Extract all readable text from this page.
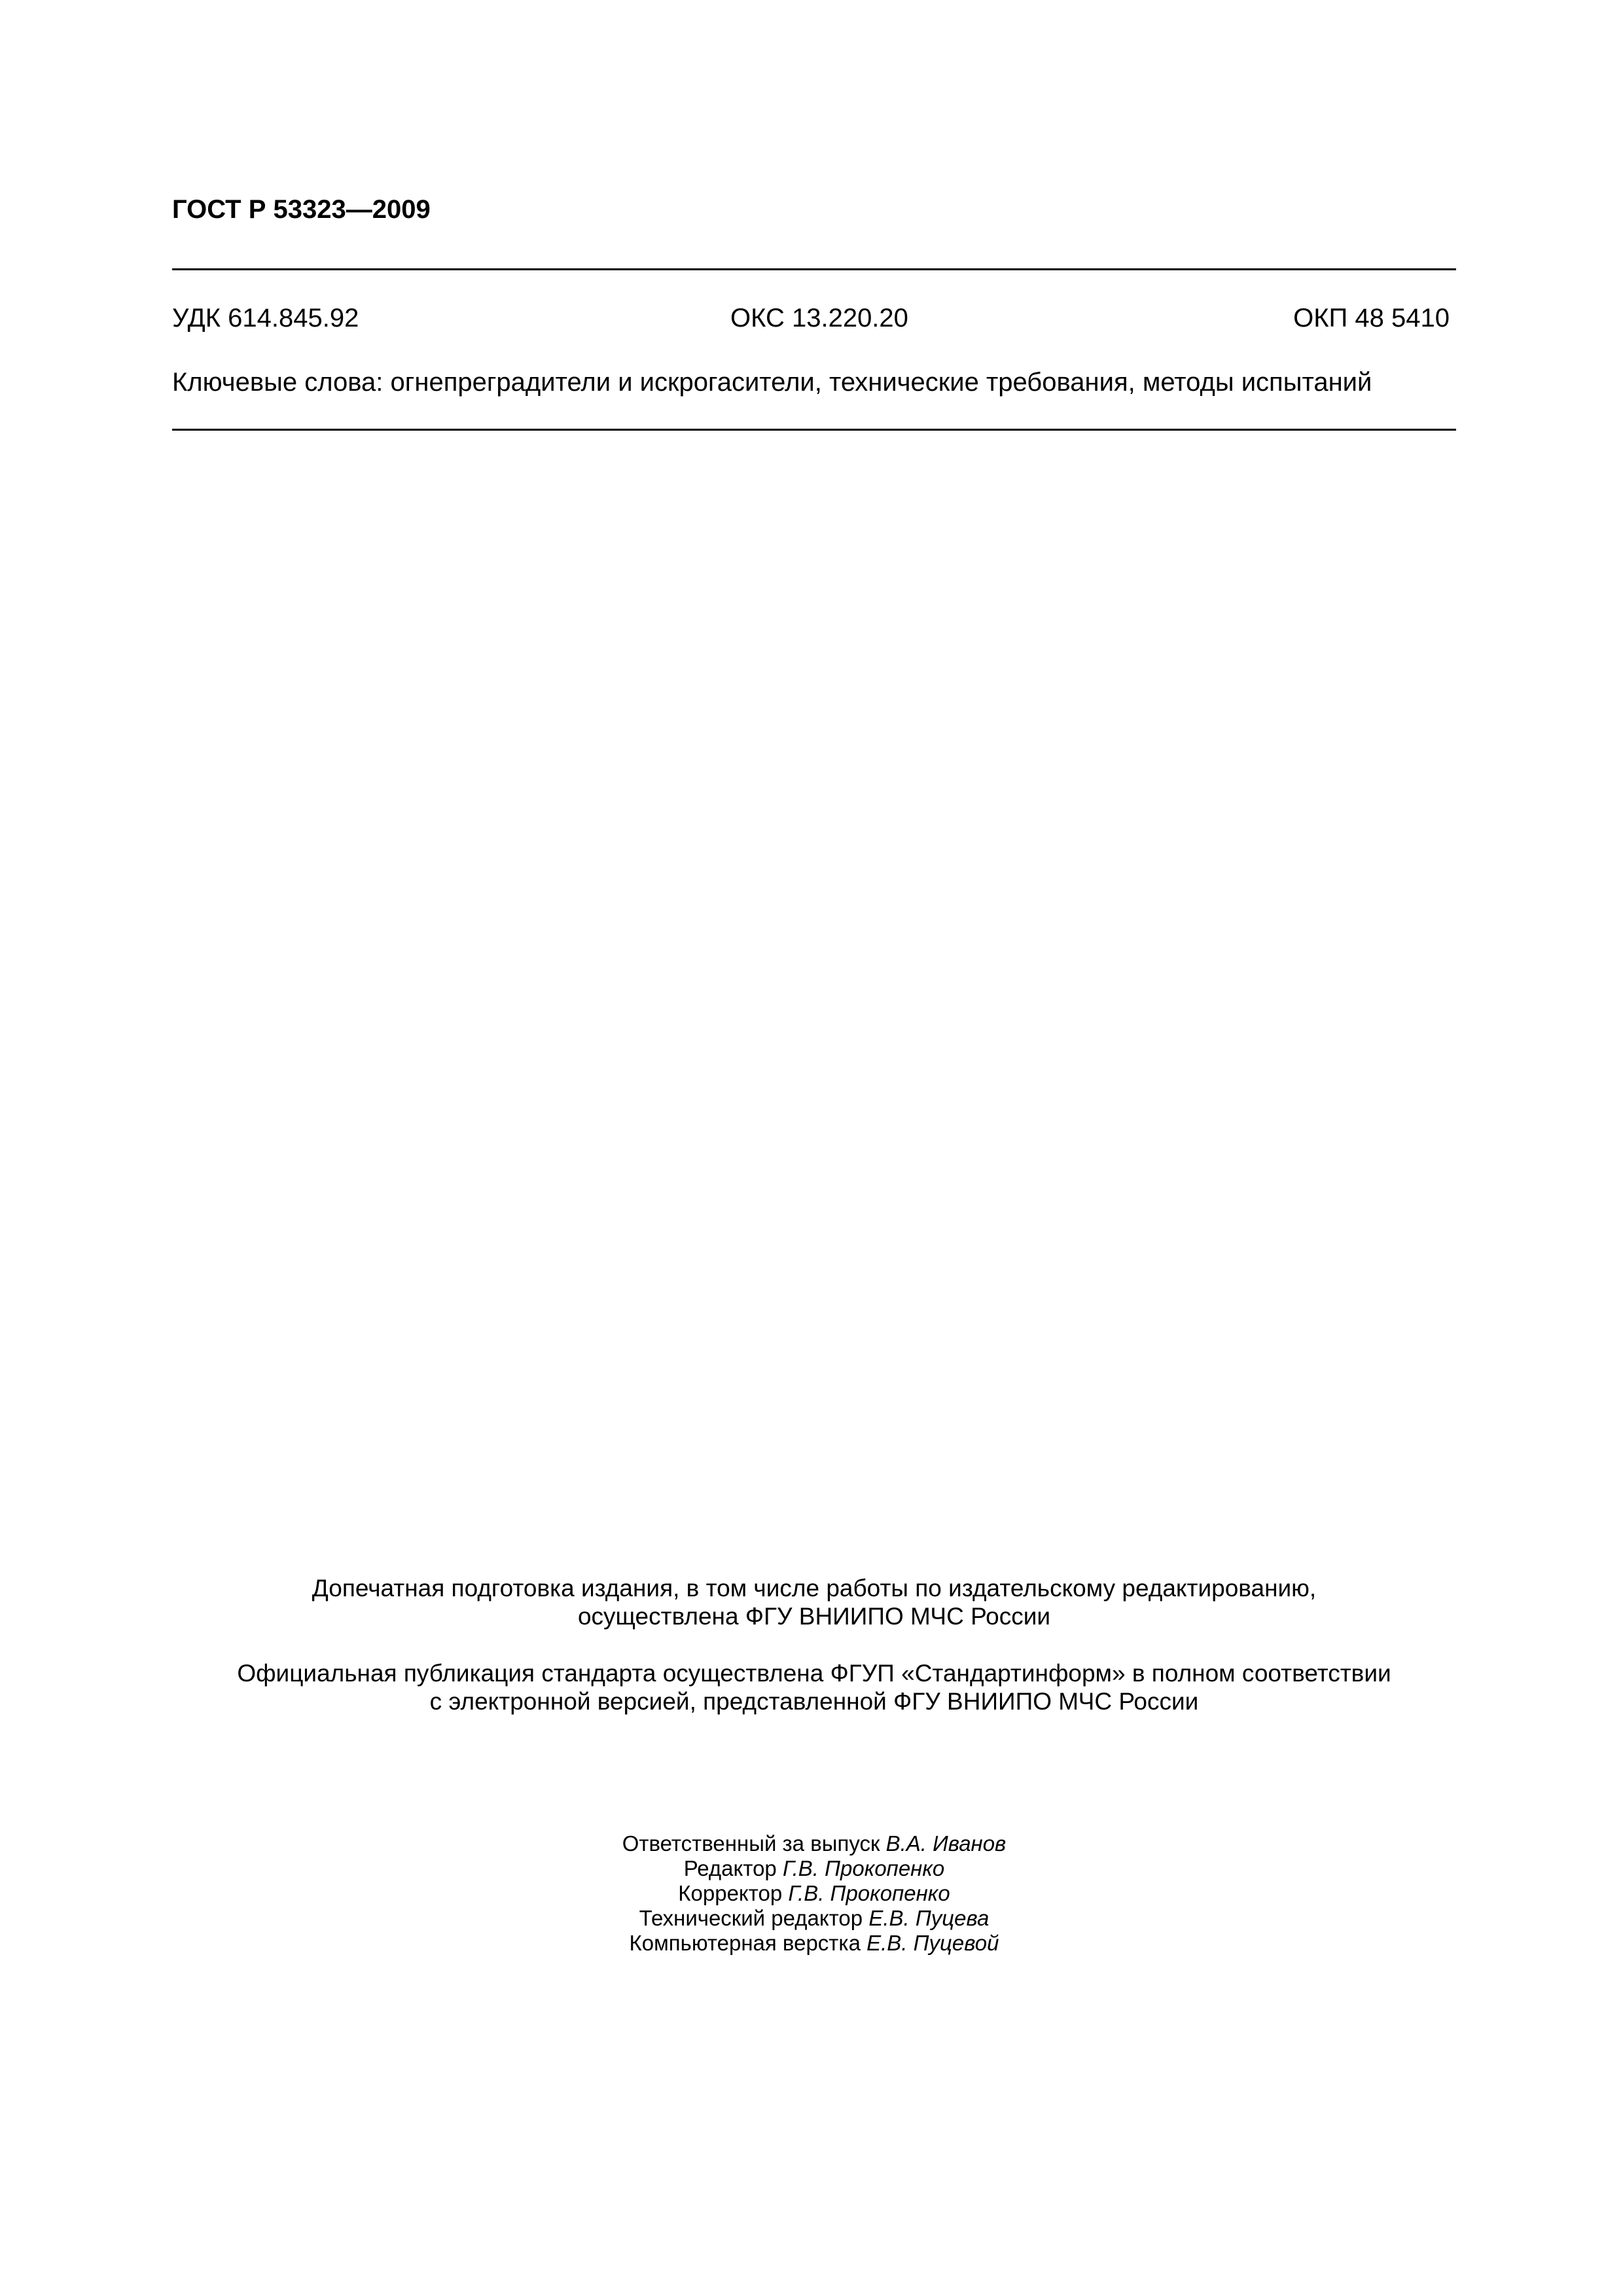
ГОСТ Р 53323—2009
УДК 614.845.92	ОКС 13.220.20	ОКП 48 5410
Ключевые слова: огнепреградители и искрогасители, технические требования, методы испытаний

Допечатная подготовка издания, в том числе работы по издательскому редактированию,

осуществлена ФГУ ВНИИПО МЧС России

Официальная публикация стандарта осуществлена ФГУП «Стандартинформ» в полном соответствии

с электронной версией, представленной ФГУ ВНИИПО МЧС России

Ответственный за выпуск В.А. Иванов
Редактор Г.В. Прокопенко
Корректор Г.В. Прокопенко
Технический редактор Е.В. Пуцева
Компьютерная верстка Е.В. Пуцевой
